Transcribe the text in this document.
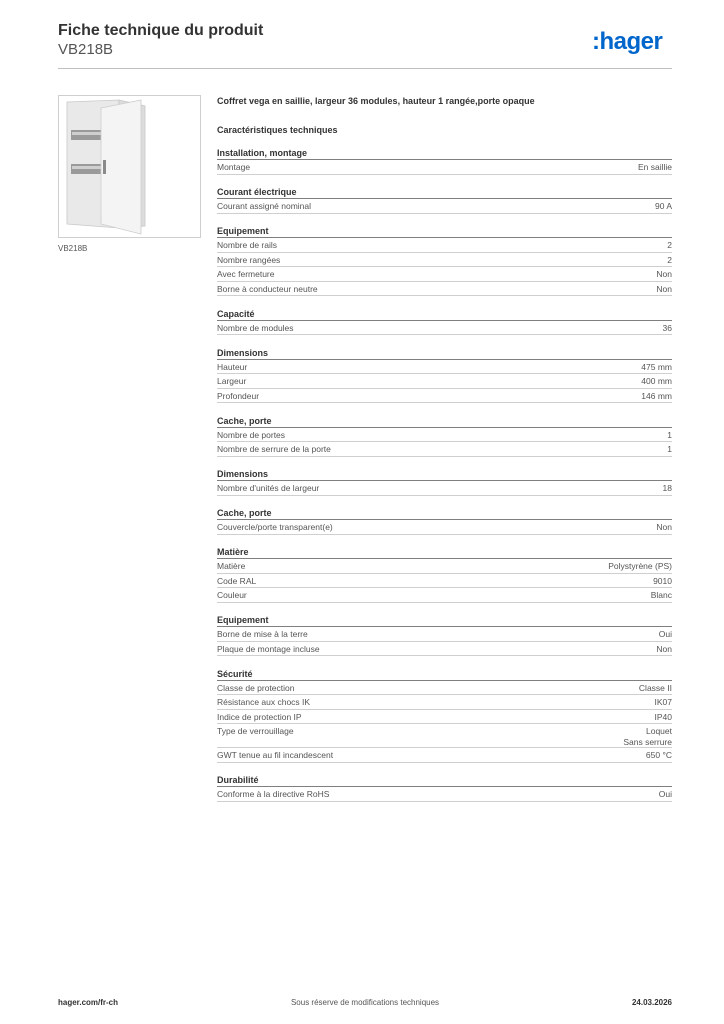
Fiche technique du produit
VB218B	:hager
VB218B
Coffret vega en saillie, largeur 36 modules, hauteur 1 rangée,porte opaque
Caractéristiques techniques
Installation, montage
Montage	En saillie
Courant électrique
Courant assigné nominal	90 A
Equipement
Nombre de rails	2
Nombre rangées	2
Avec fermeture	Non
Borne à conducteur neutre	Non
Capacité
Nombre de modules	36
Dimensions
Hauteur	475 mm
Largeur	400 mm
Profondeur	146 mm
Cache, porte
Nombre de portes	1
Nombre de serrure de la porte	1
Dimensions
Nombre d'unités de largeur	18
Cache, porte
Couvercle/porte transparent(e)	Non
Matière
Matière	Polystyrène (PS)
Code RAL	9010
Couleur	Blanc
Equipement
Borne de mise à la terre	Oui
Plaque de montage incluse	Non
Sécurité
Classe de protection	Classe II
Résistance aux chocs IK	IK07
Indice de protection IP	IP40
Type de verrouillage	Loquet
Sans serrure
GWT tenue au fil incandescent	650 °C
Durabilité
Conforme à la directive RoHS	Oui
hager.com/fr-ch	Sous réserve de modifications techniques	24.03.2026
